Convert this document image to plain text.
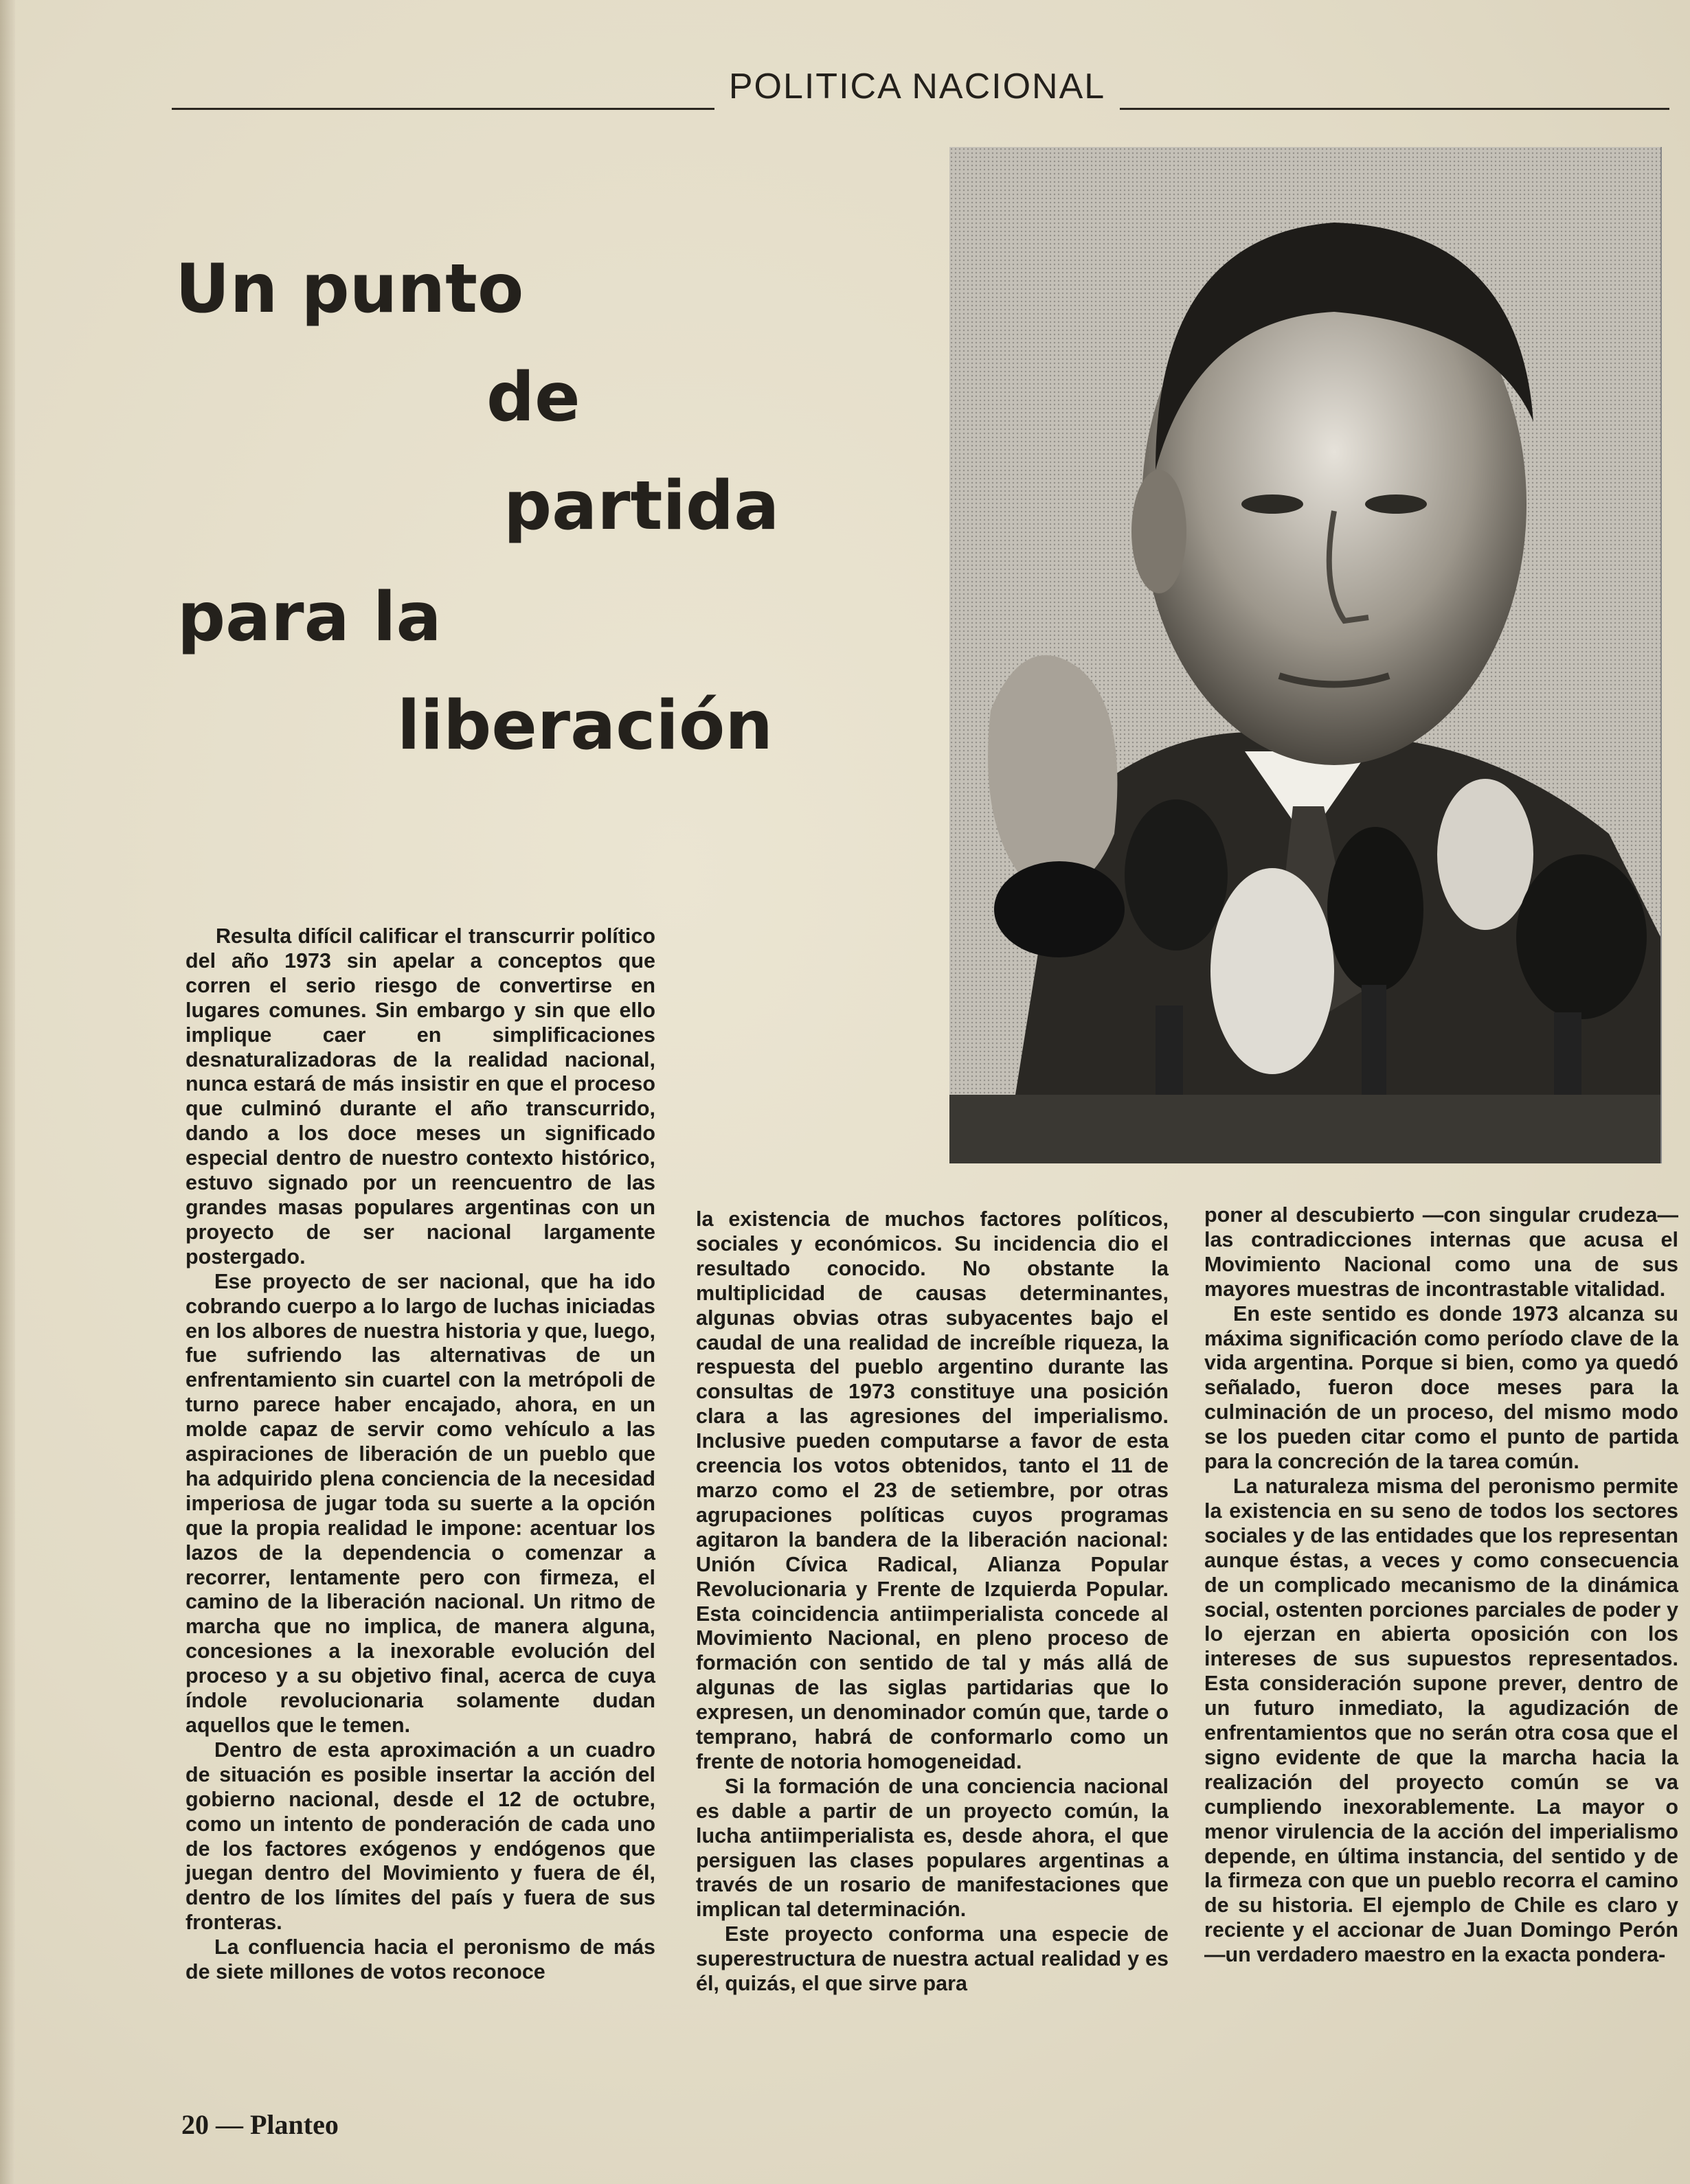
POLITICA NACIONAL
Un punto
de
partida
para la
liberación

Resulta difícil calificar el transcurrir político del año 1973 sin apelar a conceptos que corren el serio riesgo de convertirse en lugares comunes. Sin embargo y sin que ello implique caer en simplificaciones desnaturalizadoras de la realidad nacional, nunca estará de más insistir en que el proceso que culminó durante el año transcurrido, dando a los doce meses un significado especial dentro de nuestro contexto histórico, estuvo signado por un reencuentro de las grandes masas populares argentinas con un proyecto de ser nacional largamente postergado.

Ese proyecto de ser nacional, que ha ido cobrando cuerpo a lo largo de luchas iniciadas en los albores de nuestra historia y que, luego, fue sufriendo las alternativas de un enfrentamiento sin cuartel con la metrópoli de turno parece haber encajado, ahora, en un molde capaz de servir como vehículo a las aspiraciones de liberación de un pueblo que ha adquirido plena conciencia de la necesidad imperiosa de jugar toda su suerte a la opción que la propia realidad le impone: acentuar los lazos de la dependencia o comenzar a recorrer, lentamente pero con firmeza, el camino de la liberación nacional. Un ritmo de marcha que no implica, de manera alguna, concesiones a la inexorable evolución del proceso y a su objetivo final, acerca de cuya índole revolucionaria solamente dudan aquellos que le temen.

Dentro de esta aproximación a un cuadro de situación es posible insertar la acción del gobierno nacional, desde el 12 de octubre, como un intento de ponderación de cada uno de los factores exógenos y endógenos que juegan dentro del Movimiento y fuera de él, dentro de los límites del país y fuera de sus fronteras.

La confluencia hacia el peronismo de más de siete millones de votos reconoce

la existencia de muchos factores políticos, sociales y económicos. Su incidencia dio el resultado conocido. No obstante la multiplicidad de causas determinantes, algunas obvias otras subyacentes bajo el caudal de una realidad de increíble riqueza, la respuesta del pueblo argentino durante las consultas de 1973 constituye una posición clara a las agresiones del imperialismo. Inclusive pueden computarse a favor de esta creencia los votos obtenidos, tanto el 11 de marzo como el 23 de setiembre, por otras agrupaciones políticas cuyos programas agitaron la bandera de la liberación nacional: Unión Cívica Radical, Alianza Popular Revolucionaria y Frente de Izquierda Popular. Esta coincidencia antiimperialista concede al Movimiento Nacional, en pleno proceso de formación con sentido de tal y más allá de algunas de las siglas partidarias que lo expresen, un denominador común que, tarde o temprano, habrá de conformarlo como un frente de notoria homogeneidad.

Si la formación de una conciencia nacional es dable a partir de un proyecto común, la lucha antiimperialista es, desde ahora, el que persiguen las clases populares argentinas a través de un rosario de manifestaciones que implican tal determinación.

Este proyecto conforma una especie de superestructura de nuestra actual realidad y es él, quizás, el que sirve para

poner al descubierto —con singular crudeza— las contradicciones internas que acusa el Movimiento Nacional como una de sus mayores muestras de incontrastable vitalidad.

En este sentido es donde 1973 alcanza su máxima significación como período clave de la vida argentina. Porque si bien, como ya quedó señalado, fueron doce meses para la culminación de un proceso, del mismo modo se los pueden citar como el punto de partida para la concreción de la tarea común.

La naturaleza misma del peronismo permite la existencia en su seno de todos los sectores sociales y de las entidades que los representan aunque éstas, a veces y como consecuencia de un complicado mecanismo de la dinámica social, ostenten porciones parciales de poder y lo ejerzan en abierta oposición con los intereses de sus supuestos representados. Esta consideración supone prever, dentro de un futuro inmediato, la agudización de enfrentamientos que no serán otra cosa que el signo evidente de que la marcha hacia la realización del proyecto común se va cumpliendo inexorablemente. La mayor o menor virulencia de la acción del imperialismo depende, en última instancia, del sentido y de la firmeza con que un pueblo recorra el camino de su historia. El ejemplo de Chile es claro y reciente y el accionar de Juan Domingo Perón —un verdadero maestro en la exacta pondera-

20 — Planteo
